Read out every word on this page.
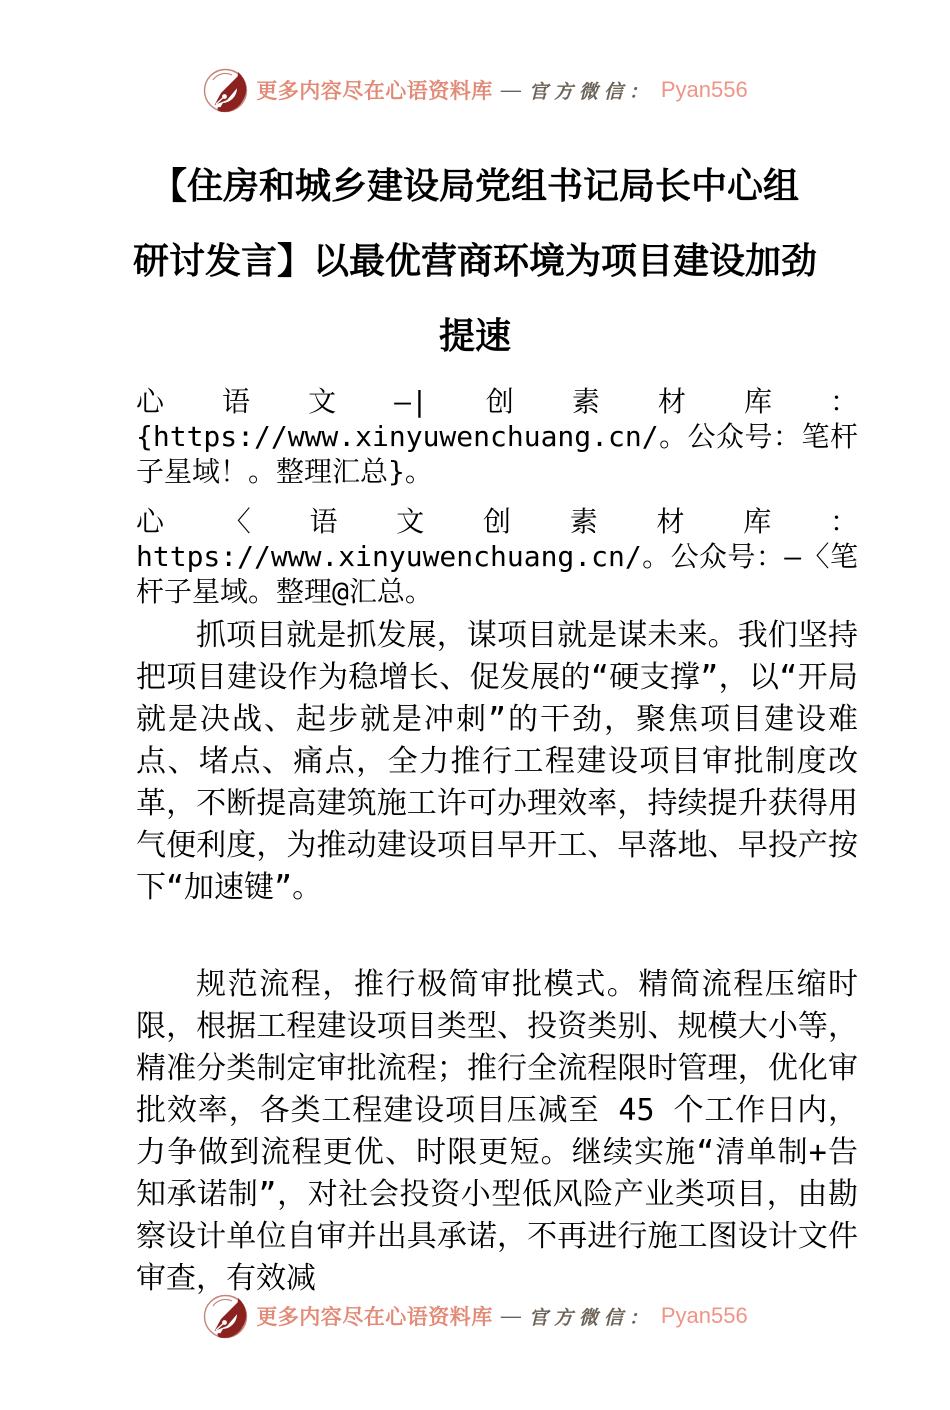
更多内容尽在心语资料库 — 官方微信： Pyan556
【住房和城乡建设局党组书记局长中心组
研讨发言】以最优营商环境为项目建设加劲
提速

心语文—|创素材库：{https://www.xinyuwenchuang.cn/。公众号：笔杆子星域！。整理汇总}。

心〈语文创素材库：https://www.xinyuwenchuang.cn/。公众号：—〈笔杆子星域。整理@汇总。

抓项目就是抓发展，谋项目就是谋未来。我们坚持把项目建设作为稳增长、促发展的“硬支撑”，以“开局就是决战、起步就是冲刺”的干劲，聚焦项目建设难点、堵点、痛点，全力推行工程建设项目审批制度改革，不断提高建筑施工许可办理效率，持续提升获得用气便利度，为推动建设项目早开工、早落地、早投产按下“加速键”。

规范流程，推行极简审批模式。精简流程压缩时限，根据工程建设项目类型、投资类别、规模大小等，精准分类制定审批流程；推行全流程限时管理，优化审批效率，各类工程建设项目压减至 45 个工作日内，力争做到流程更优、时限更短。继续实施“清单制+告知承诺制”，对社会投资小型低风险产业类项目，由勘察设计单位自审并出具承诺，不再进行施工图设计文件审查，有效减

更多内容尽在心语资料库 — 官方微信： Pyan556
